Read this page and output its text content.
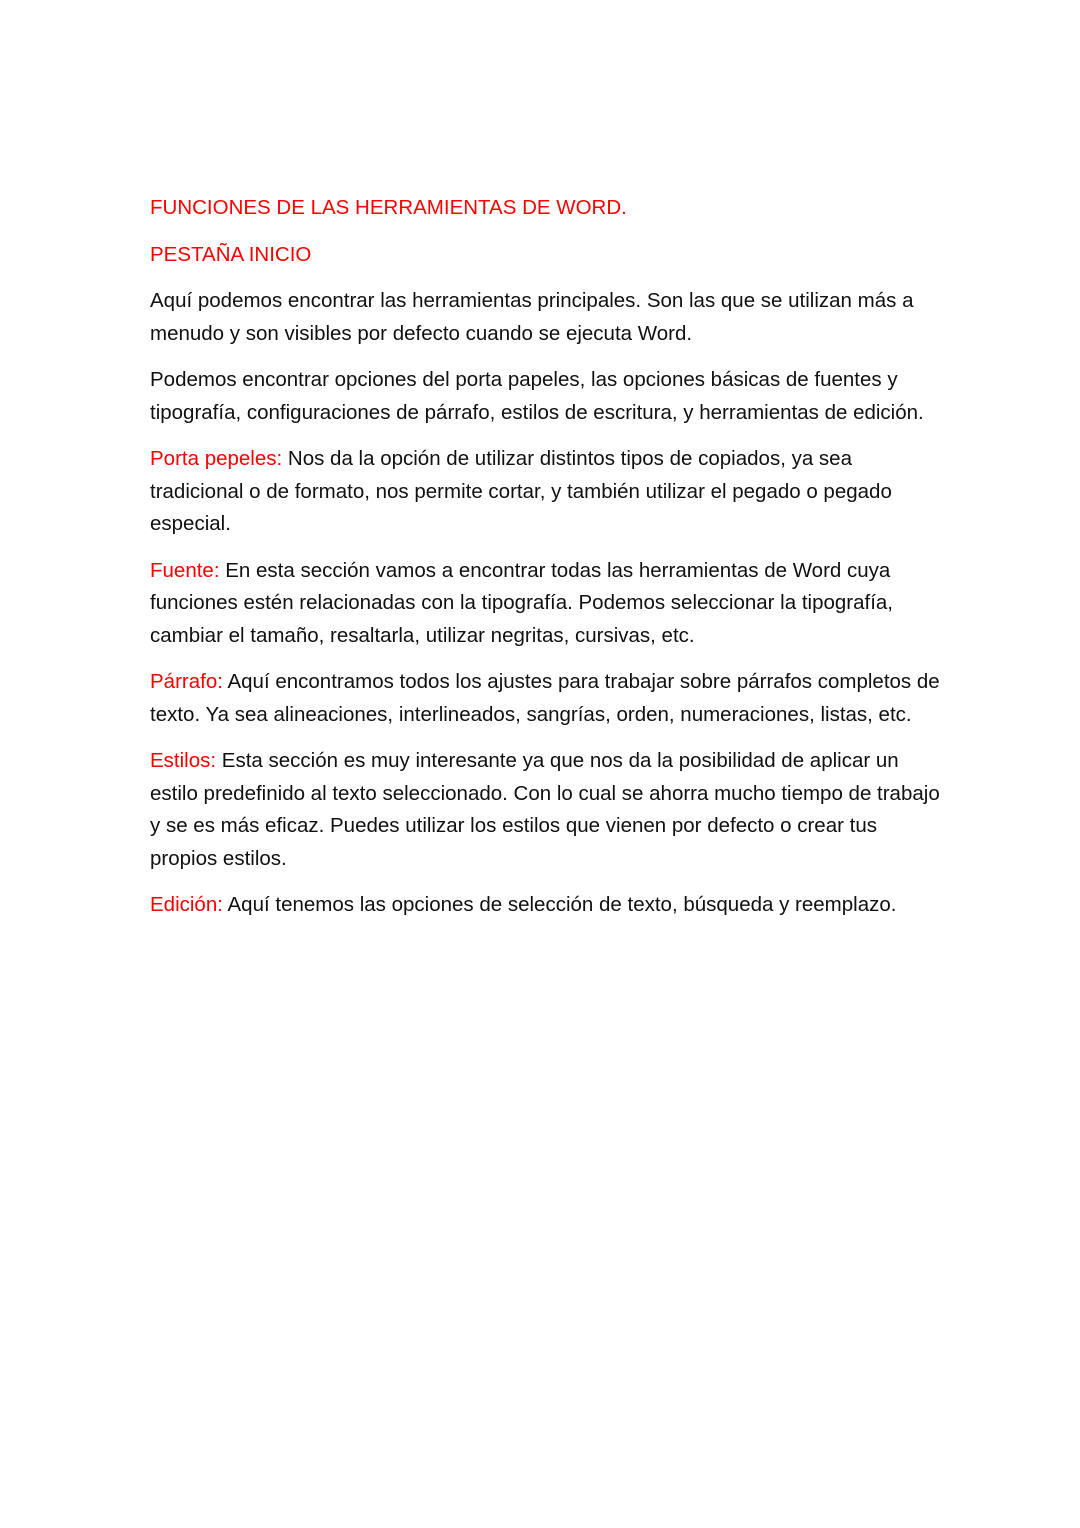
FUNCIONES DE LAS HERRAMIENTAS DE WORD.

PESTAÑA INICIO

Aquí podemos encontrar las herramientas principales. Son las que se utilizan más a menudo y son visibles por defecto cuando se ejecuta Word.

Podemos encontrar opciones del porta papeles, las opciones básicas de fuentes y tipografía, configuraciones de párrafo, estilos de escritura, y herramientas de edición.

Porta pepeles: Nos da la opción de utilizar distintos tipos de copiados, ya sea tradicional o de formato, nos permite cortar, y también utilizar el pegado o pegado especial.

Fuente: En esta sección vamos a encontrar todas las herramientas de Word cuya funciones estén relacionadas con la tipografía. Podemos seleccionar la tipografía, cambiar el tamaño, resaltarla, utilizar negritas, cursivas, etc.

Párrafo: Aquí encontramos todos los ajustes para trabajar sobre párrafos completos de texto. Ya sea alineaciones, interlineados, sangrías, orden, numeraciones, listas, etc.

Estilos: Esta sección es muy interesante ya que nos da la posibilidad de aplicar un estilo predefinido al texto seleccionado. Con lo cual se ahorra mucho tiempo de trabajo y se es más eficaz. Puedes utilizar los estilos que vienen por defecto o crear tus propios estilos.

Edición: Aquí tenemos las opciones de selección de texto, búsqueda y reemplazo.
